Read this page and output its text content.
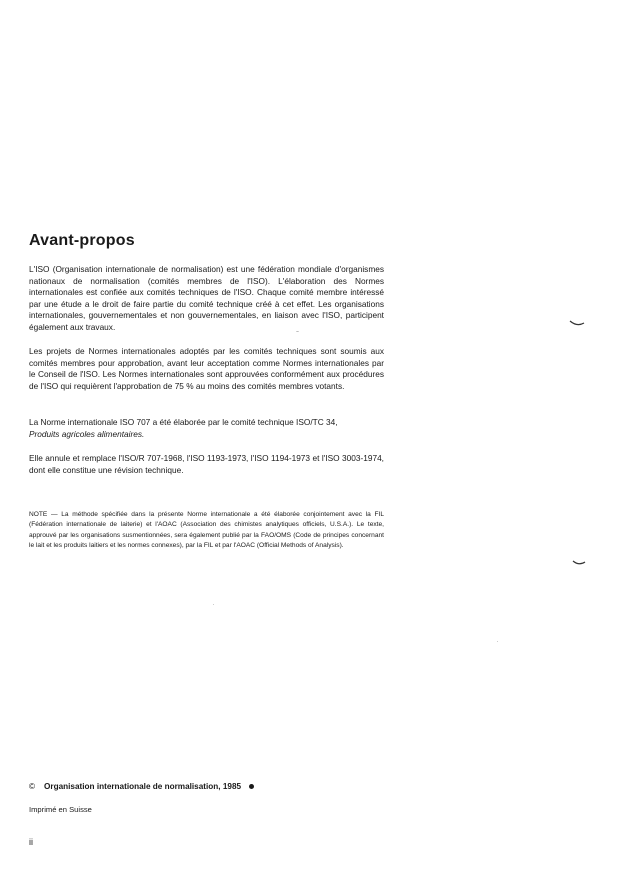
Avant-propos

L'ISO (Organisation internationale de normalisation) est une fédération mondiale d'organismes nationaux de normalisation (comités membres de l'ISO). L'élaboration des Normes internationales est confiée aux comités techniques de l'ISO. Chaque comité membre intéressé par une étude a le droit de faire partie du comité technique créé à cet effet. Les organisations internationales, gouvernementales et non gouvernementales, en liaison avec l'ISO, participent également aux travaux.

Les projets de Normes internationales adoptés par les comités techniques sont soumis aux comités membres pour approbation, avant leur acceptation comme Normes internationales par le Conseil de l'ISO. Les Normes internationales sont approuvées conformément aux procédures de l'ISO qui requièrent l'approbation de 75 % au moins des comités membres votants.

La Norme internationale ISO 707 a été élaborée par le comité technique ISO/TC 34,
Produits agricoles alimentaires.

Elle annule et remplace l'ISO/R 707-1968, l'ISO 1193-1973, l'ISO 1194-1973 et l'ISO 3003-1974, dont elle constitue une révision technique.

NOTE — La méthode spécifiée dans la présente Norme internationale a été élaborée conjointement avec la FIL (Fédération internationale de laiterie) et l'AOAC (Association des chimistes analytiques officiels, U.S.A.). Le texte, approuvé par les organisations susmentionnées, sera également publié par la FAO/OMS (Code de principes concernant le lait et les produits laitiers et les normes connexes), par la FIL et par l'AOAC (Official Methods of Analysis).

© Organisation internationale de normalisation, 1985
Imprimé en Suisse
ii
